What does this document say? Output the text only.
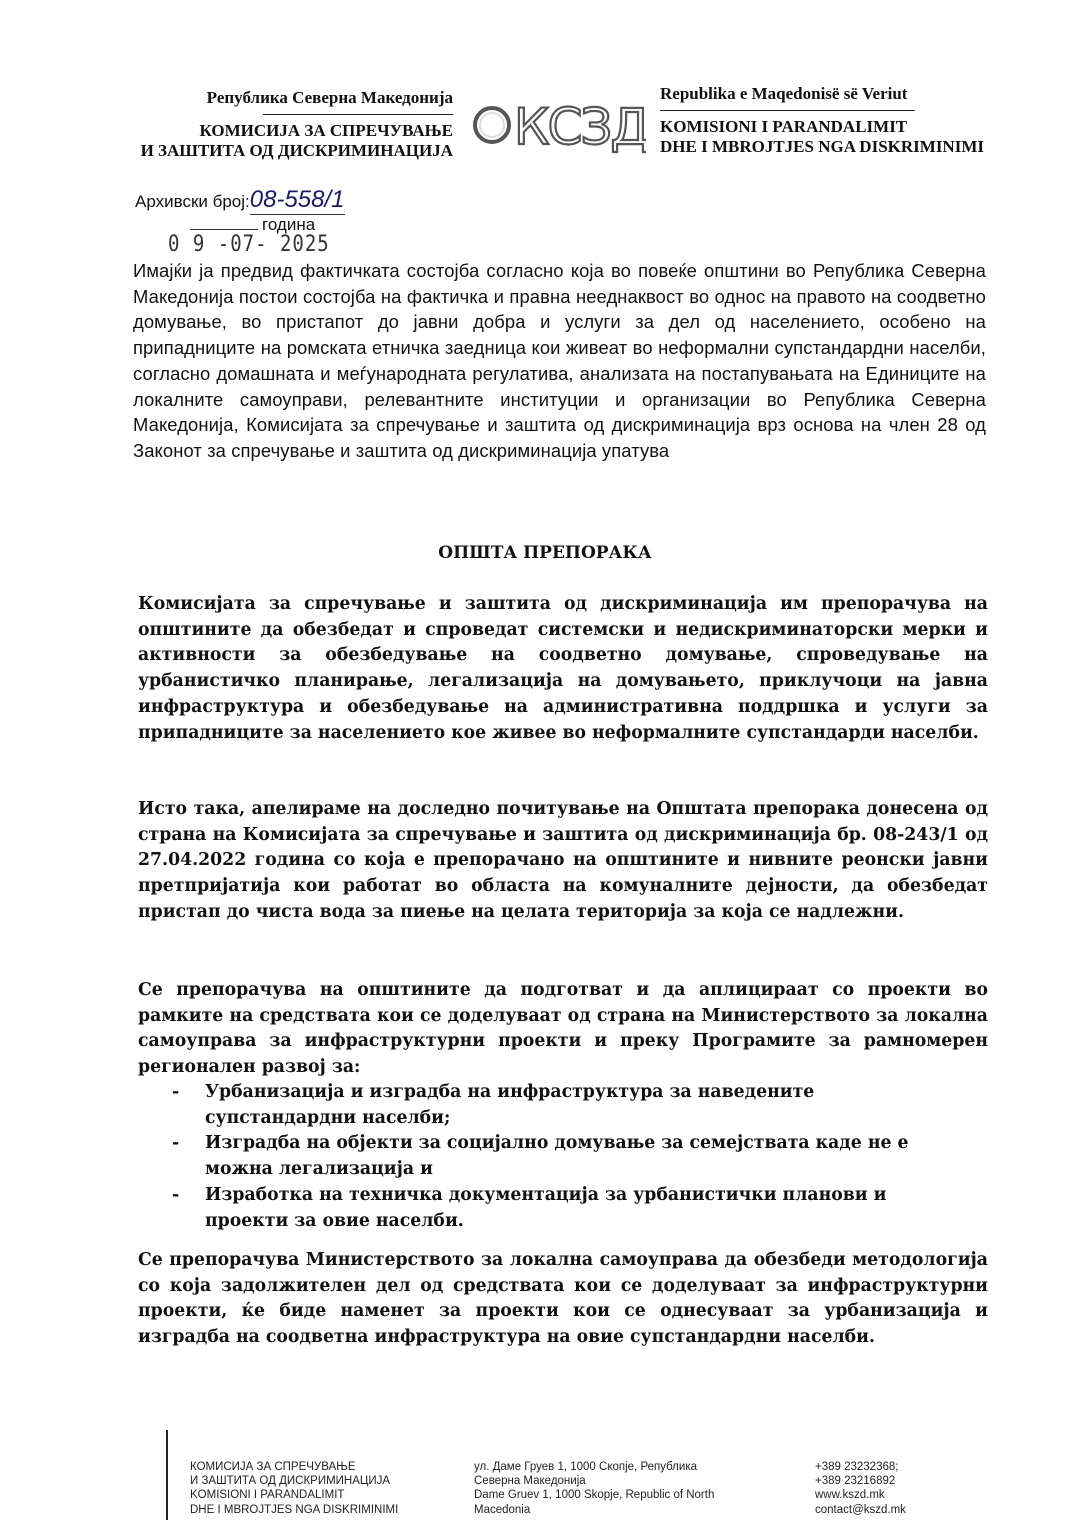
Република Северна Македонија
КОМИСИЈА ЗА СПРЕЧУВАЊЕ
И ЗАШТИТА ОД ДИСКРИМИНАЦИЈА КСЗД
Republika e Maqedonisë së Veriut
KOMISIONI I PARANDALIMIT
DHE I MBROJTJES NGA DISKRIMINIMI
Архивски број:08-558/1
година
0 9 -07- 2025
Имајќи ја предвид фактичката состојба согласно која во повеќе општини во Република Северна Македонија постои состојба на фактичка и правна нееднаквост во однос на правото на соодветно домување, во пристапот до јавни добра и услуги за дел од населението, особено на припадниците на ромската етничка заедница кои живеат во неформални супстандардни населби, согласно домашната и меѓународната регулатива, анализата на постапувањата на Единиците на локалните самоуправи, релевантните институции и организации во Република Северна Македонија, Комисијата за спречување и заштита од дискриминација врз основа на член 28 од Законот за спречување и заштита од дискриминација упатува
ОПШТА ПРЕПОРАКА
Комисијата за спречување и заштита од дискриминација им препорачува на општините да обезбедат и спроведат системски и недискриминаторски мерки и активности за обезбедување на соодветно домување, спроведување на урбанистичко планирање, легализација на домувањето, приклучоци на јавна инфраструктура и обезбедување на административна поддршка и услуги за припадниците за населението кое живее во неформалните супстандарди населби.
Исто така, апелираме на доследно почитување на Општата препорака донесена од страна на Комисијата за спречување и заштита од дискриминација бр. 08-243/1 од 27.04.2022 година со која е препорачано на општините и нивните реонски јавни претпријатија кои работат во областа на комуналните дејности, да обезбедат пристап до чиста вода за пиење на целата територија за која се надлежни.
Се препорачува на општините да подготват и да аплицираат со проекти во рамките на средствата кои се доделуваат од страна на Министерството за локална самоуправа за инфраструктурни проекти и преку Програмите за рамномерен регионален развој за:
- Урбанизација и изградба на инфраструктура за наведените супстандардни населби;
- Изградба на објекти за социјално домување за семејствата каде не е можна легализација и
- Изработка на техничка документација за урбанистички планови и проекти за овие населби.
Се препорачува Министерството за локална самоуправа да обезбеди методологија со која задолжителен дел од средствата кои се доделуваат за инфраструктурни проекти, ќе биде наменет за проекти кои се однесуваат за урбанизација и изградба на соодветна инфраструктура на овие супстандардни населби.
КОМИСИЈА ЗА СПРЕЧУВАЊЕ
И ЗАШТИТА ОД ДИСКРИМИНАЦИЈА
KOMISIONI I PARANDALIMIT
DHE I MBROJTJES NGA DISKRIMINIMI
ул. Даме Груев 1, 1000 Скопје, Република
Северна Македонија
Dame Gruev 1, 1000 Skopje, Republic of North
Macedonia
+389 23232368;
+389 23216892
www.kszd.mk
contact@kszd.mk
